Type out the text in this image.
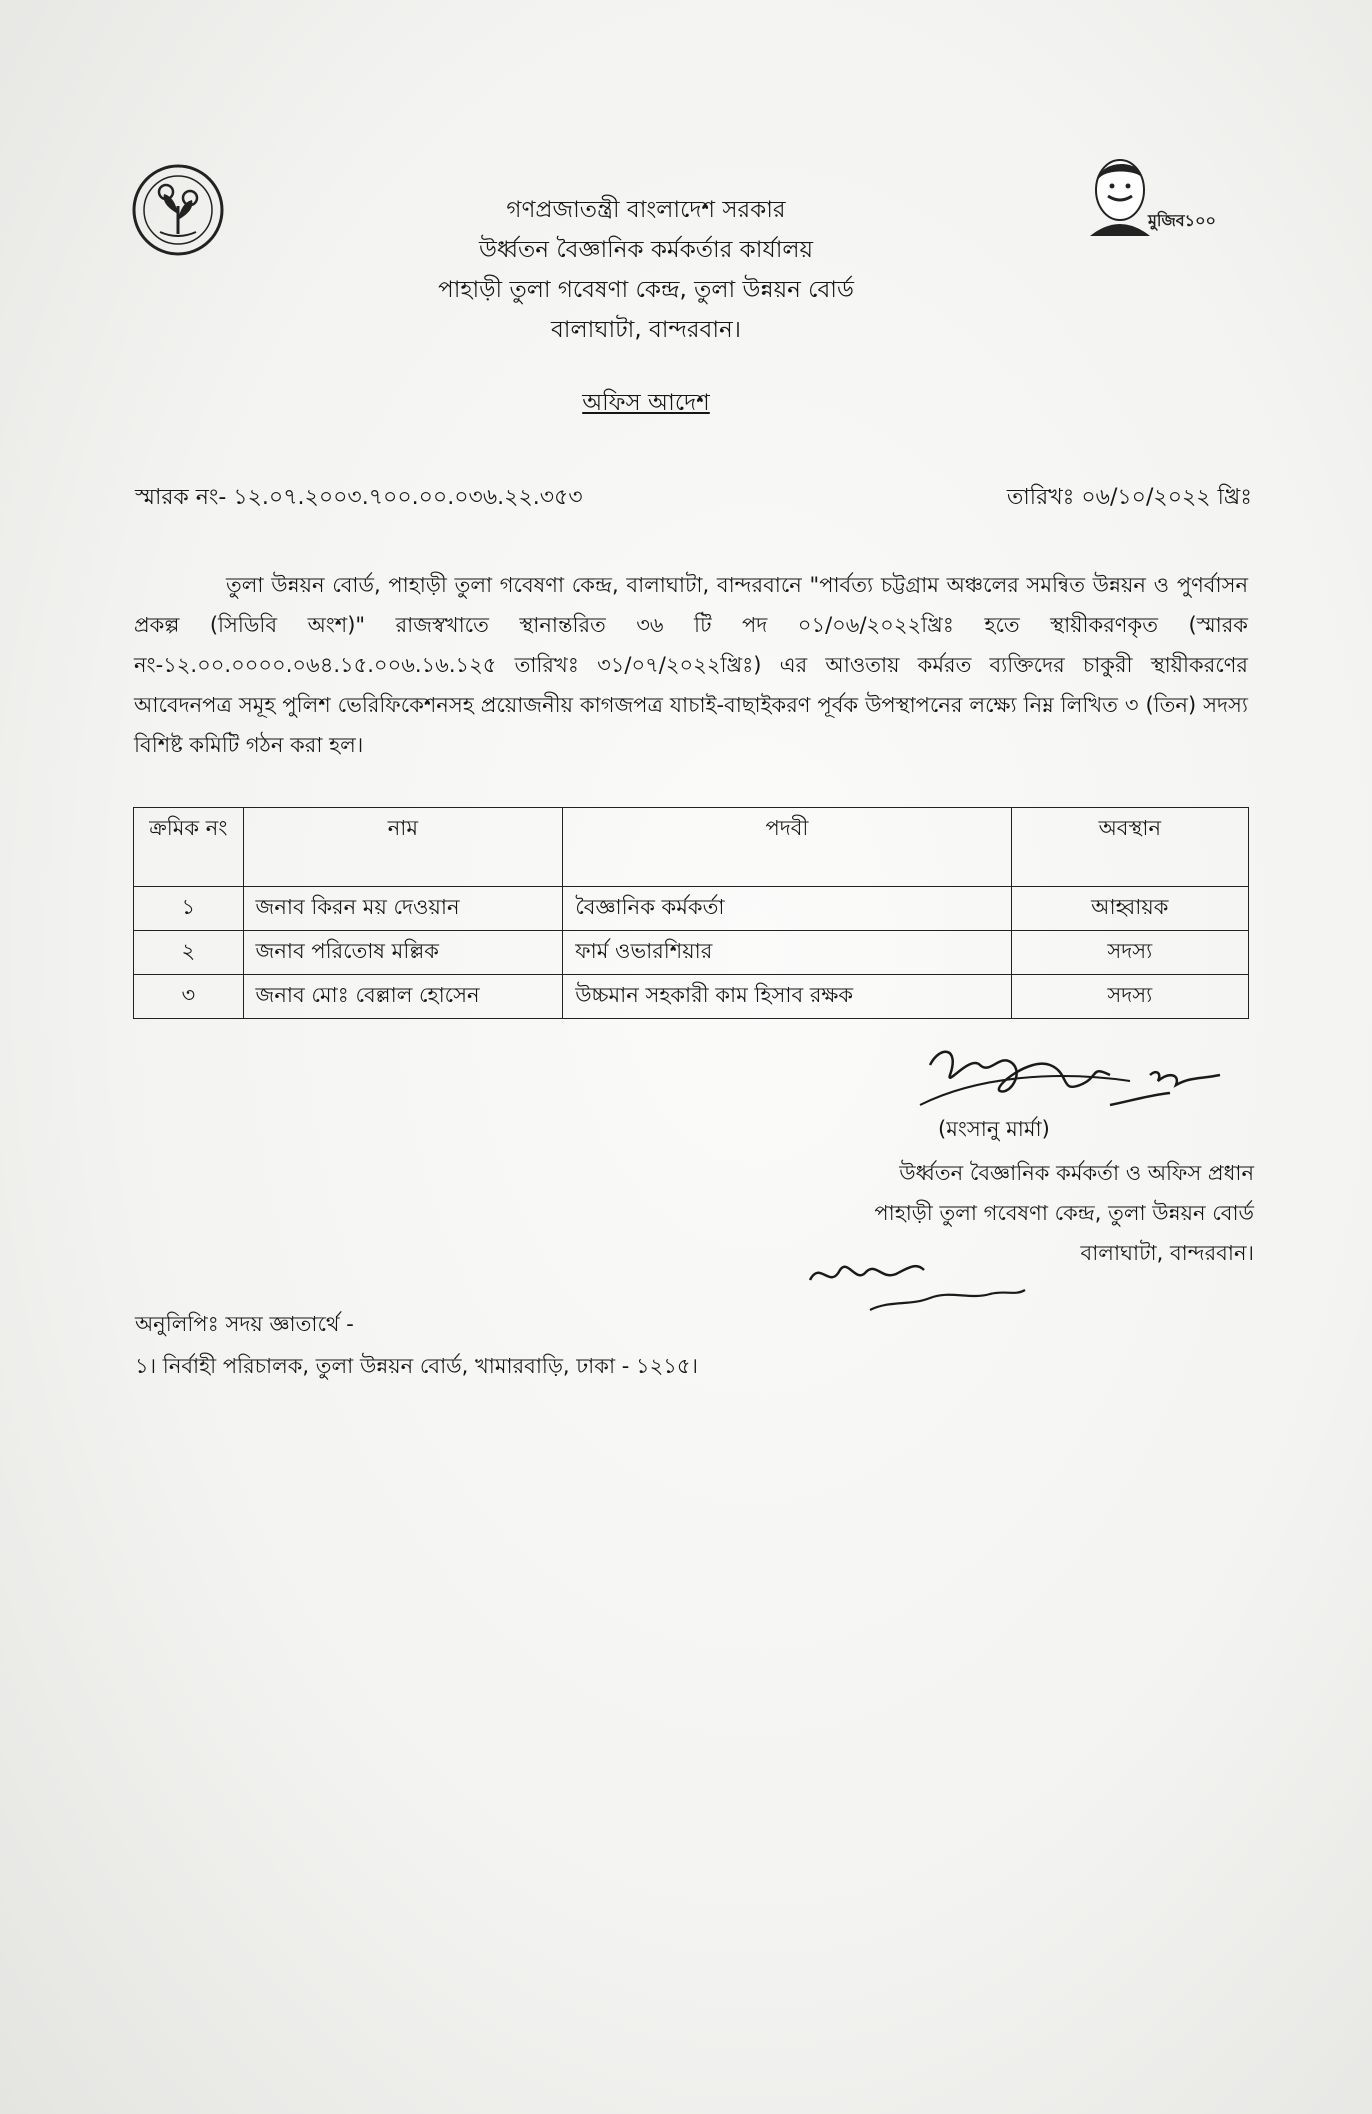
মুজিব১০০
গণপ্রজাতন্ত্রী বাংলাদেশ সরকার
উর্ধ্বতন বৈজ্ঞানিক কর্মকর্তার কার্যালয়
পাহাড়ী তুলা গবেষণা কেন্দ্র, তুলা উন্নয়ন বোর্ড
বালাঘাটা, বান্দরবান।
অফিস আদেশ
স্মারক নং- ১২.০৭.২০০৩.৭০০.০০.০৩৬.২২.৩৫৩	তারিখঃ ০৬/১০/২০২২ খ্রিঃ
তুলা উন্নয়ন বোর্ড, পাহাড়ী তুলা গবেষণা কেন্দ্র, বালাঘাটা, বান্দরবানে "পার্বত্য চট্টগ্রাম অঞ্চলের সমন্বিত উন্নয়ন ও পুণর্বাসন প্রকল্প (সিডিবি অংশ)" রাজস্বখাতে স্থানান্তরিত ৩৬ টি পদ ০১/০৬/২০২২খ্রিঃ হতে স্থায়ীকরণকৃত (স্মারক নং-১২.০০.০০০০.০৬৪.১৫.০০৬.১৬.১২৫ তারিখঃ ৩১/০৭/২০২২খ্রিঃ) এর আওতায় কর্মরত ব্যক্তিদের চাকুরী স্থায়ীকরণের আবেদনপত্র সমূহ পুলিশ ভেরিফিকেশনসহ প্রয়োজনীয় কাগজপত্র যাচাই-বাছাইকরণ পূর্বক উপস্থাপনের লক্ষ্যে নিম্ন লিখিত ৩ (তিন) সদস্য বিশিষ্ট কমিটি গঠন করা হল।
ক্রমিক নং	নাম	পদবী	অবস্থান
১	জনাব কিরন ময় দেওয়ান	বৈজ্ঞানিক কর্মকর্তা	আহ্বায়ক
২	জনাব পরিতোষ মল্লিক	ফার্ম ওভারশিয়ার	সদস্য
৩	জনাব মোঃ বেল্লাল হোসেন	উচ্চমান সহকারী কাম হিসাব রক্ষক	সদস্য
(মংসানু মার্মা)
উর্ধ্বতন বৈজ্ঞানিক কর্মকর্তা ও অফিস প্রধান
পাহাড়ী তুলা গবেষণা কেন্দ্র, তুলা উন্নয়ন বোর্ড
বালাঘাটা, বান্দরবান।
অনুলিপিঃ সদয় জ্ঞাতার্থে -
১। নির্বাহী পরিচালক, তুলা উন্নয়ন বোর্ড, খামারবাড়ি, ঢাকা - ১২১৫।
